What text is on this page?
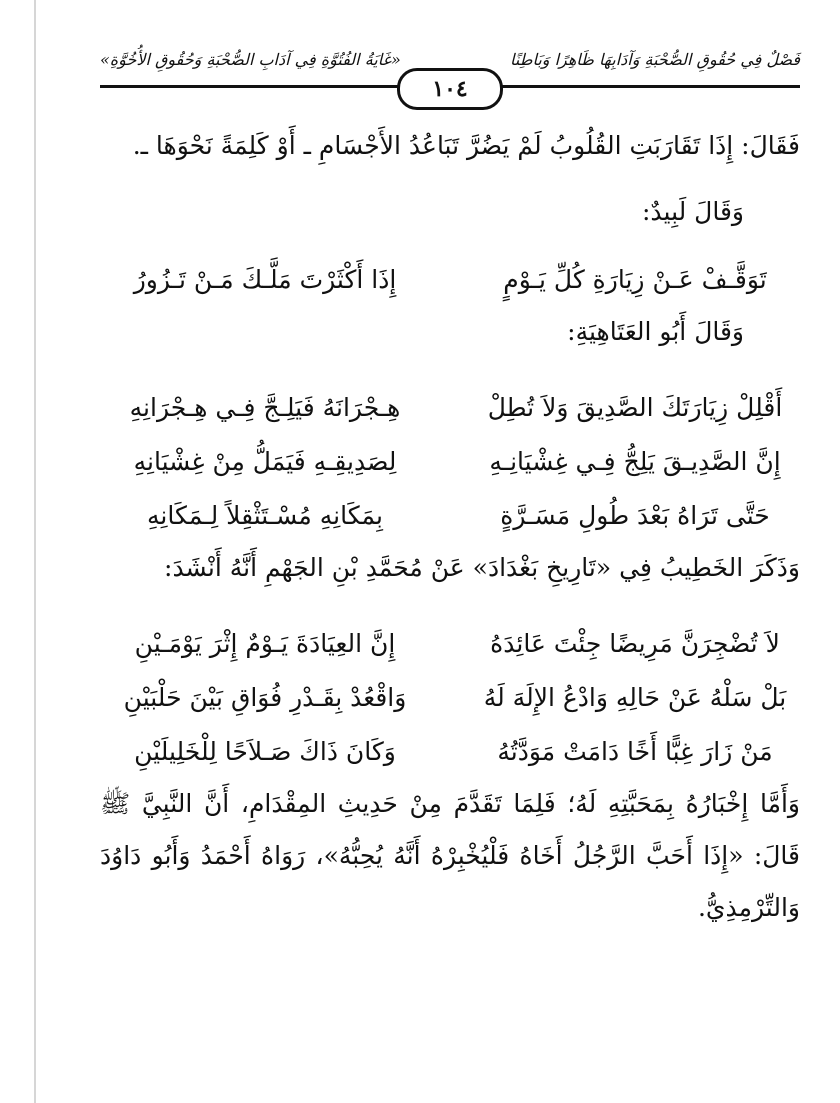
فَصْلٌ فِي حُقُوقِ الصُّحْبَةِ وَآدَابِهَا ظَاهِرًا وَبَاطِنًا
«غَايَةُ الفُتُوَّةِ فِي آدَابِ الصُّحْبَةِ وَحُقُوقِ الأُخُوَّةِ»
١٠٤

فَقَالَ: إِذَا تَقَارَبَتِ القُلُوبُ لَمْ يَضُرَّ تَبَاعُدُ الأَجْسَامِ ـ أَوْ كَلِمَةً نَحْوَهَا ـ.

وَقَالَ لَبِيدٌ:

تَوَقَّـفْ عَـنْ زِيَارَةِ كُلِّ يَـوْمٍ
إِذَا أَكْثَرْتَ مَلَّـكَ مَـنْ تَـزُورُ

وَقَالَ أَبُو العَتَاهِيَةِ:

أَقْلِلْ زِيَارَتَكَ الصَّدِيقَ وَلاَ تُطِلْ
هِـجْرَانَهُ فَيَلِـجَّ فِـي هِـجْرَانِهِ
إِنَّ الصَّدِيـقَ يَلِجُّ فِـي غِشْيَانِـهِ
لِصَدِيقِـهِ فَيَمَلُّ مِنْ غِشْيَانِهِ
حَتَّى تَرَاهُ بَعْدَ طُولِ مَسَـرَّةٍ
بِمَكَانِهِ مُسْـتَثْقِلاً لِـمَكَانِهِ

وَذَكَرَ الخَطِيبُ فِي «تَارِيخِ بَغْدَادَ» عَنْ مُحَمَّدِ بْنِ الجَهْمِ أَنَّهُ أَنْشَدَ:

لاَ تُضْجِرَنَّ مَرِيضًا جِئْتَ عَائِدَهُ
إِنَّ العِيَادَةَ يَـوْمٌ إِثْرَ يَوْمَـيْنِ
بَلْ سَلْهُ عَنْ حَالِهِ وَادْعُ الإِلَهَ لَهُ
وَاقْعُدْ بِقَـدْرِ فُوَاقِ بَيْنَ حَلْبَيْنِ
مَنْ زَارَ غِبًّا أَخًا دَامَتْ مَوَدَّتُهُ
وَكَانَ ذَاكَ صَـلاَحًا لِلْخَلِيلَيْنِ

وَأَمَّا إِخْبَارُهُ بِمَحَبَّتِهِ لَهُ؛ فَلِمَا تَقَدَّمَ مِنْ حَدِيثِ المِقْدَامِ، أَنَّ النَّبِيَّ ﷺ قَالَ: «إِذَا أَحَبَّ الرَّجُلُ أَخَاهُ فَلْيُخْبِرْهُ أَنَّهُ يُحِبُّهُ»، رَوَاهُ أَحْمَدُ وَأَبُو دَاوُدَ وَالتِّرْمِذِيُّ.
